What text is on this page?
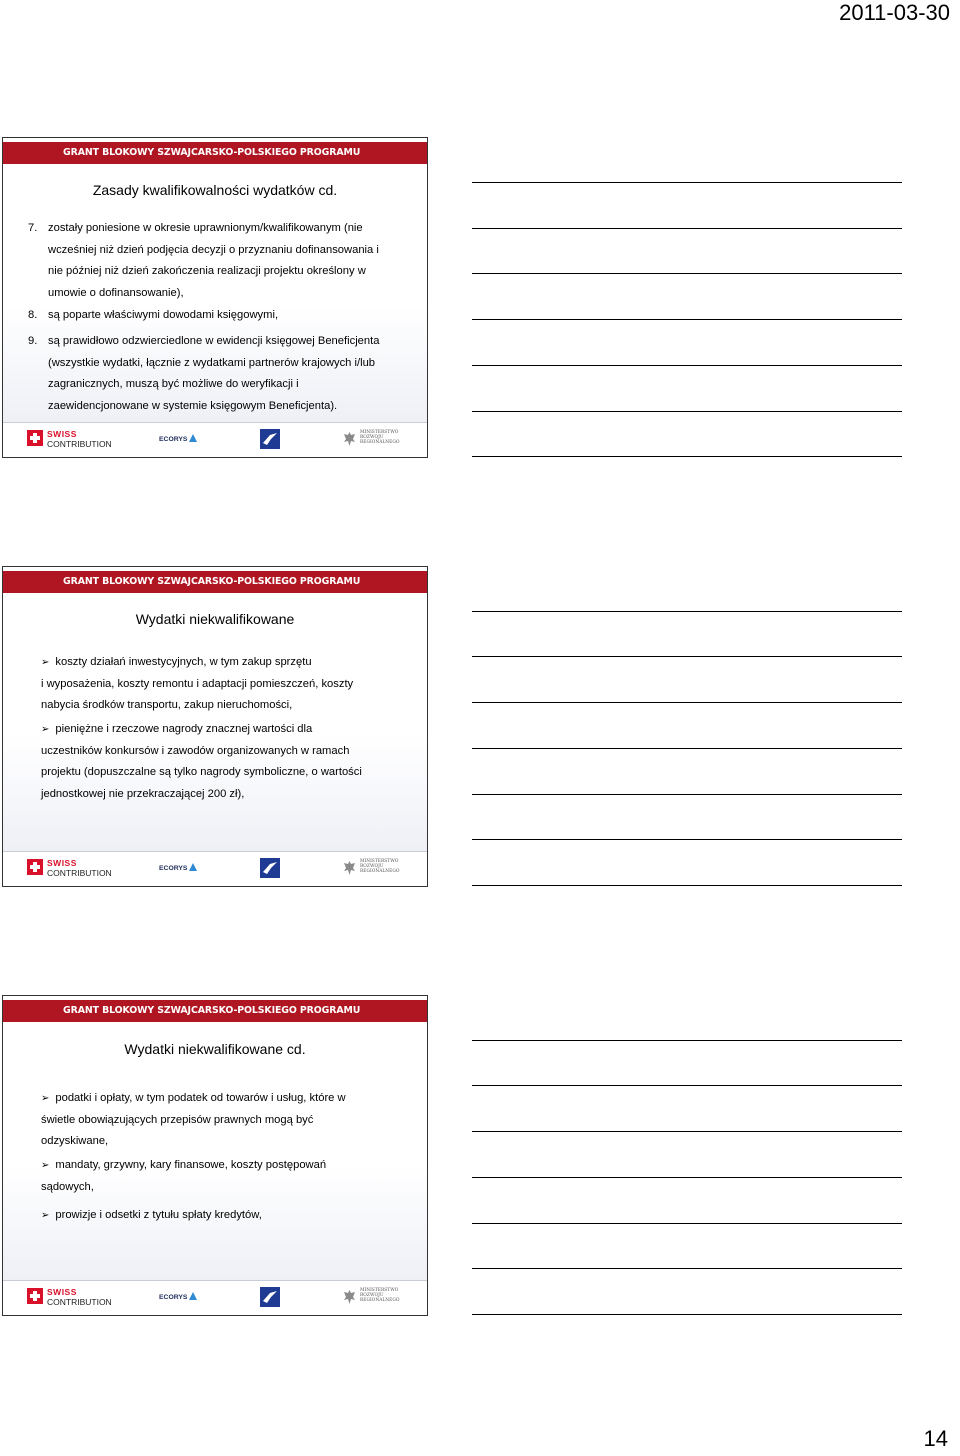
2011-03-30
GRANT BLOKOWY SZWAJCARSKO-POLSKIEGO PROGRAMU
Zasady kwalifikowalności wydatków cd.
7. zostały poniesione w okresie uprawnionym/kwalifikowanym (nie
wcześniej niż dzień podjęcia decyzji o przyznaniu dofinansowania i
nie później niż dzień zakończenia realizacji projektu określony w
umowie o dofinansowanie),
8. są poparte właściwymi dowodami księgowymi,
9. są prawidłowo odzwierciedlone w ewidencji księgowej Beneficjenta
(wszystkie wydatki, łącznie z wydatkami partnerów krajowych i/lub
zagranicznych, muszą być możliwe do weryfikacji i
zaewidencjonowane w systemie księgowym Beneficjenta).
SWISS
CONTRIBUTION	ECORYS
MINISTERSTWO
ROZWOJU
REGIONALNEGO
GRANT BLOKOWY SZWAJCARSKO-POLSKIEGO PROGRAMU
Wydatki niekwalifikowane
➢ koszty działań inwestycyjnych, w tym zakup sprzętu
i wyposażenia, koszty remontu i adaptacji pomieszczeń, koszty
nabycia środków transportu, zakup nieruchomości,
➢ pieniężne i rzeczowe nagrody znacznej wartości dla
uczestników konkursów i zawodów organizowanych w ramach
projektu (dopuszczalne są tylko nagrody symboliczne, o wartości
jednostkowej nie przekraczającej 200 zł),
SWISS
CONTRIBUTION	ECORYS
MINISTERSTWO
ROZWOJU
REGIONALNEGO
GRANT BLOKOWY SZWAJCARSKO-POLSKIEGO PROGRAMU
Wydatki niekwalifikowane cd.
➢ podatki i opłaty, w tym podatek od towarów i usług, które w
świetle obowiązujących przepisów prawnych mogą być
odzyskiwane,
➢ mandaty, grzywny, kary finansowe, koszty postępowań
sądowych,
➢ prowizje i odsetki z tytułu spłaty kredytów,
SWISS
CONTRIBUTION	ECORYS
MINISTERSTWO
ROZWOJU
REGIONALNEGO
14
